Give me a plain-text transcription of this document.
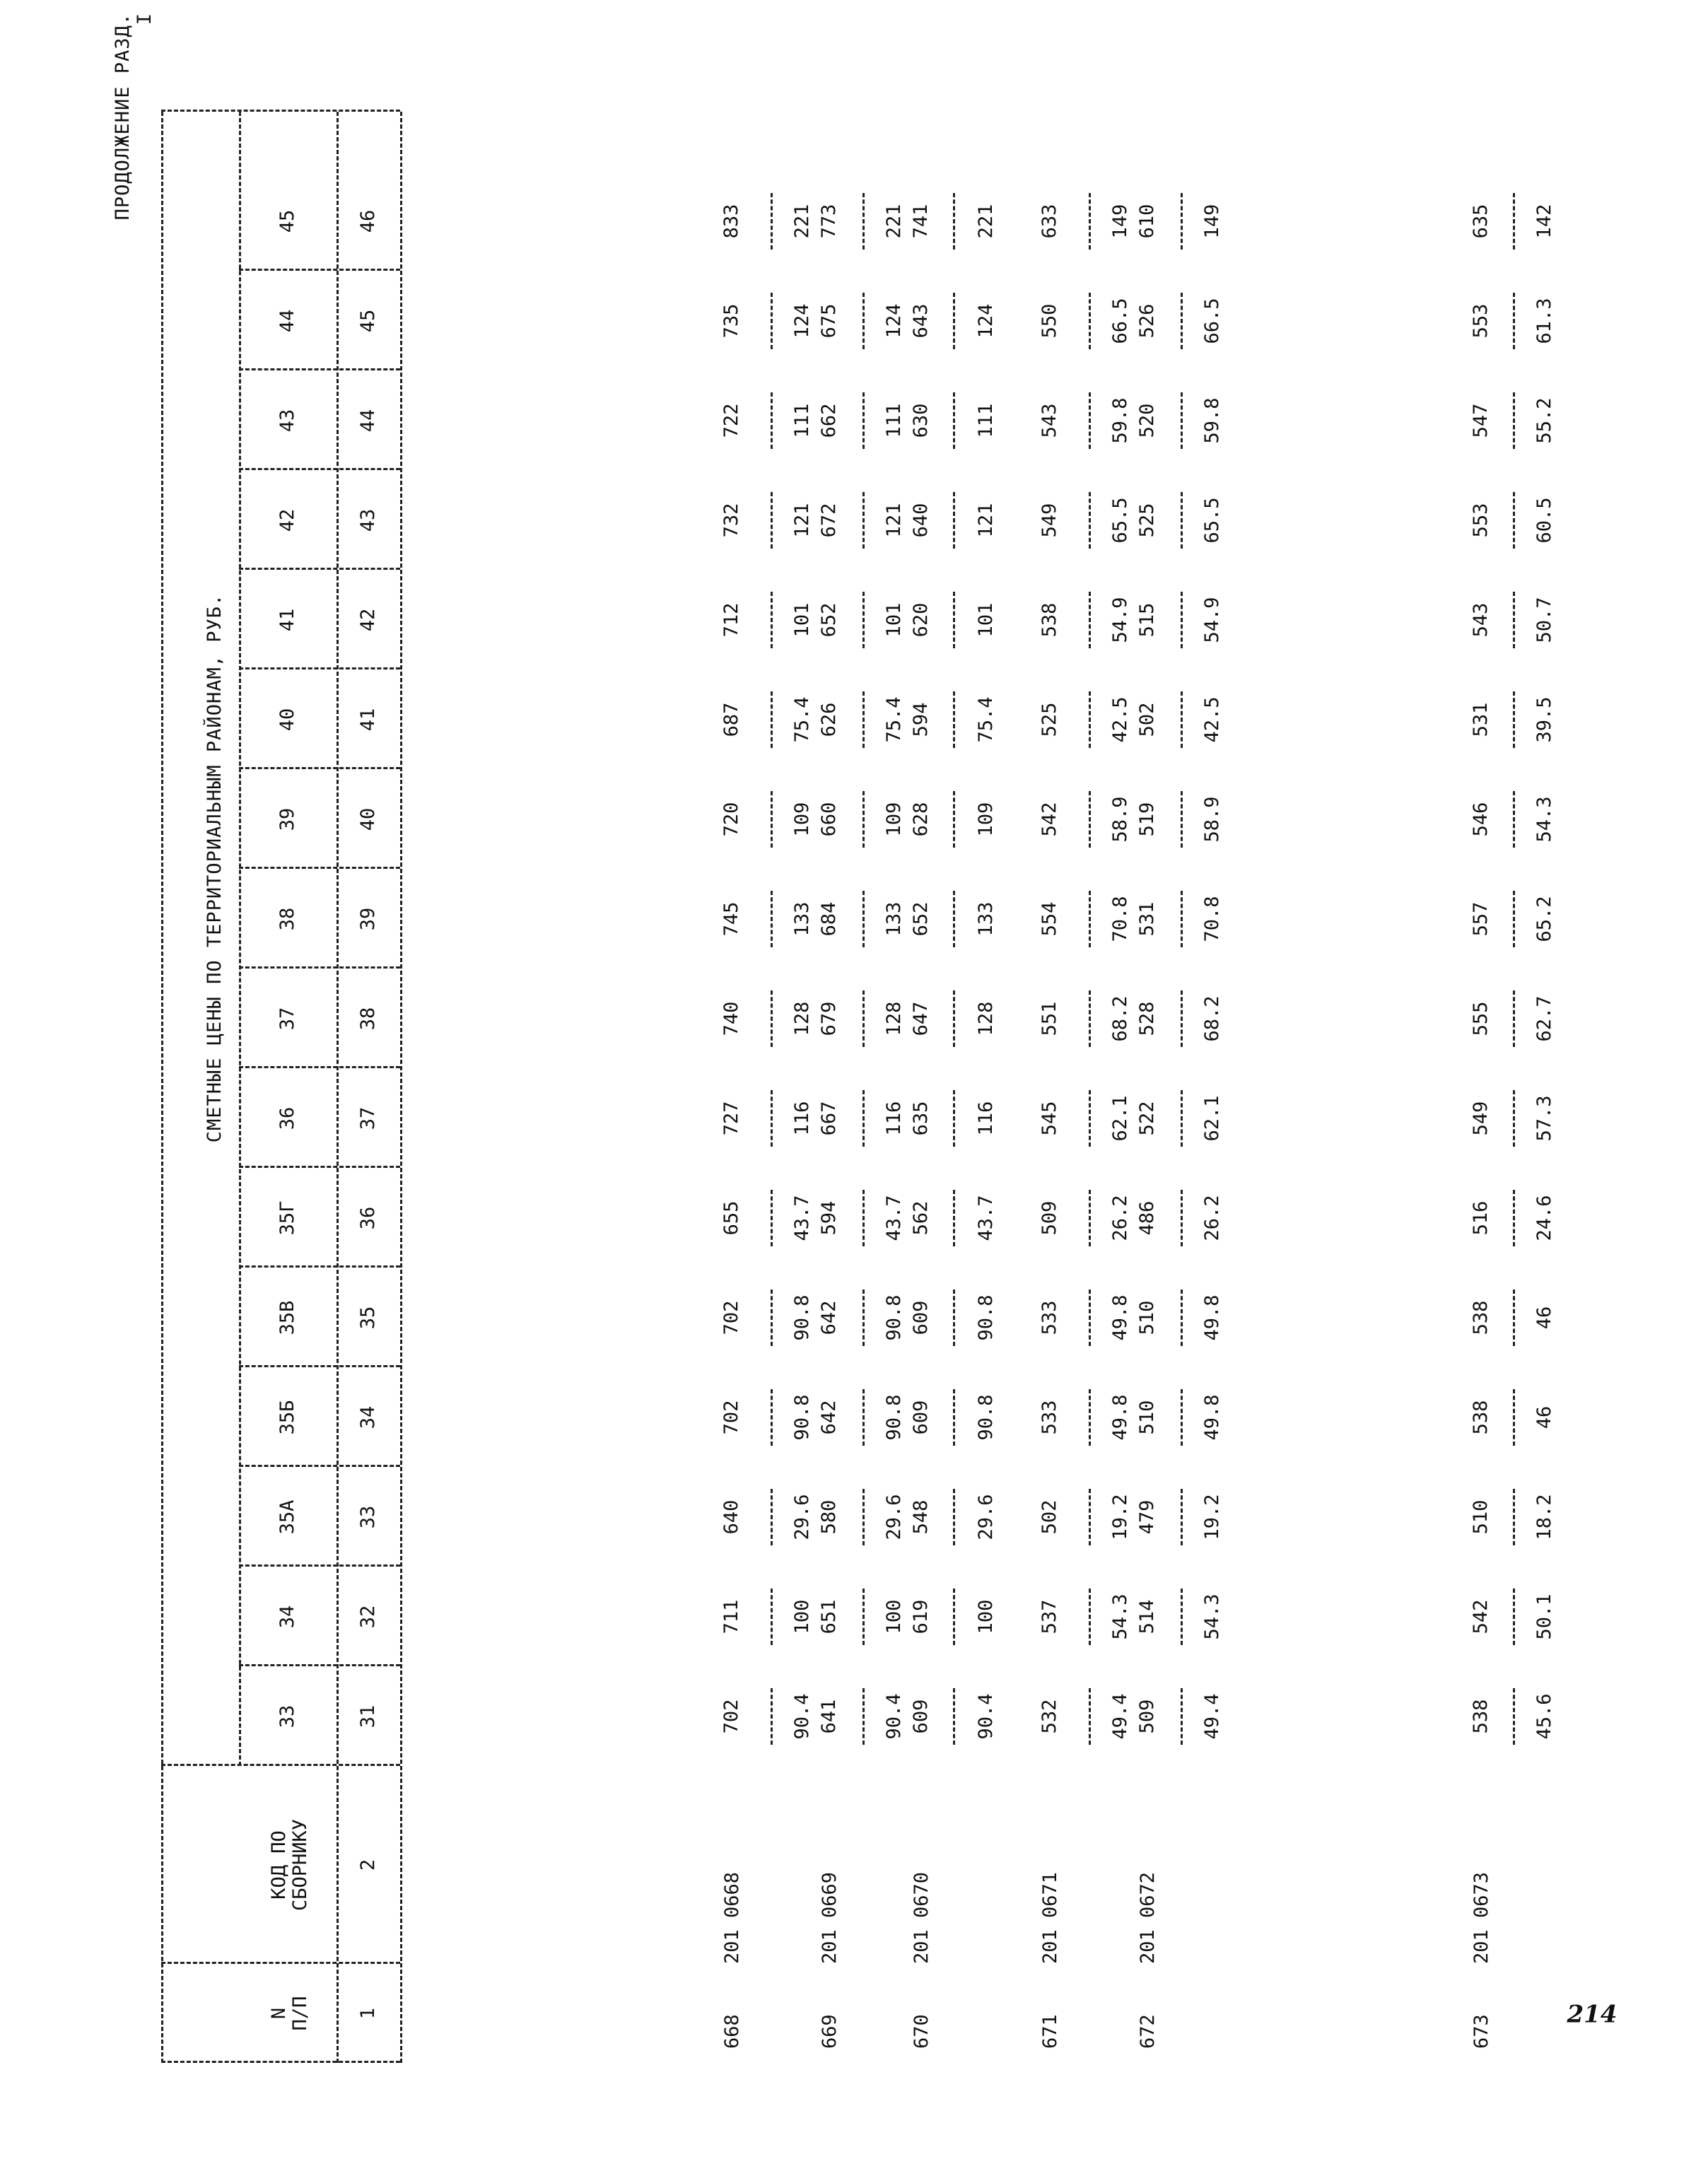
214
ПРОДОЛЖЕНИЕ РАЗД. I
СМЕТНЫЕ ЦЕНЫ ПО ТЕРРИТОРИАЛЬНЫМ РАЙОНАМ, РУБ.
N
П/П
КОД ПО
СБОРНИКУ
33
34
35А
35Б
35В
35Г
36
37
38
39
40
41
42
43
44
45
1
2
31
32
33
34
35
36
37
38
39
40
41
42
43
44
45
46
668
201 0668
702
711
640
702
702
655
727
740
745
720
687
712
732
722
735
833
90.4
100
29.6
90.8
90.8
43.7
116
128
133
109
75.4
101
121
111
124
221
669
201 0669
641
651
580
642
642
594
667
679
684
660
626
652
672
662
675
773
90.4
100
29.6
90.8
90.8
43.7
116
128
133
109
75.4
101
121
111
124
221
670
201 0670
609
619
548
609
609
562
635
647
652
628
594
620
640
630
643
741
90.4
100
29.6
90.8
90.8
43.7
116
128
133
109
75.4
101
121
111
124
221
671
201 0671
532
537
502
533
533
509
545
551
554
542
525
538
549
543
550
633
49.4
54.3
19.2
49.8
49.8
26.2
62.1
68.2
70.8
58.9
42.5
54.9
65.5
59.8
66.5
149
672
201 0672
509
514
479
510
510
486
522
528
531
519
502
515
525
520
526
610
49.4
54.3
19.2
49.8
49.8
26.2
62.1
68.2
70.8
58.9
42.5
54.9
65.5
59.8
66.5
149
673
201 0673
538
542
510
538
538
516
549
555
557
546
531
543
553
547
553
635
45.6
50.1
18.2
46
46
24.6
57.3
62.7
65.2
54.3
39.5
50.7
60.5
55.2
61.3
142
